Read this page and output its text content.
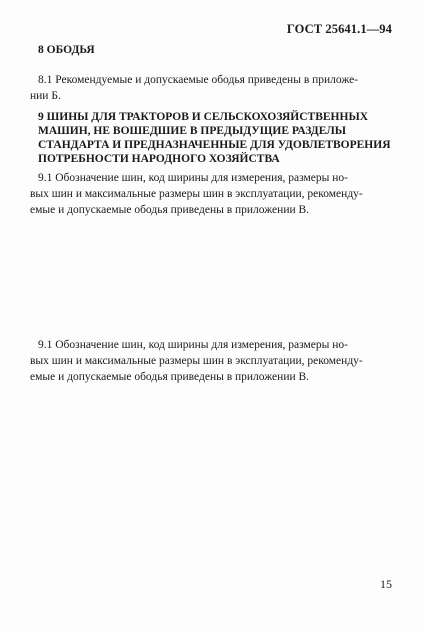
ГОСТ 25641.1—94
8 ОБОДЬЯ
8.1 Рекомендуемые и допускаемые ободья приведены в приложе-
нии Б.
9 ШИНЫ ДЛЯ ТРАКТОРОВ И СЕЛЬСКОХОЗЯЙСТВЕННЫХ
МАШИН, НЕ ВОШЕДШИЕ В ПРЕДЫДУЩИЕ РАЗДЕЛЫ
СТАНДАРТА И ПРЕДНАЗНАЧЕННЫЕ ДЛЯ УДОВЛЕТВОРЕНИЯ
ПОТРЕБНОСТИ НАРОДНОГО ХОЗЯЙСТВА
9.1 Обозначение шин, код ширины для измерения, размеры но-
вых шин и максимальные размеры шин в эксплуатации, рекоменду-
емые и допускаемые ободья приведены в приложении В.
9.1 Обозначение шин, код ширины для измерения, размеры но-
вых шин и максимальные размеры шин в эксплуатации, рекоменду-
емые и допускаемые ободья приведены в приложении В.
15
